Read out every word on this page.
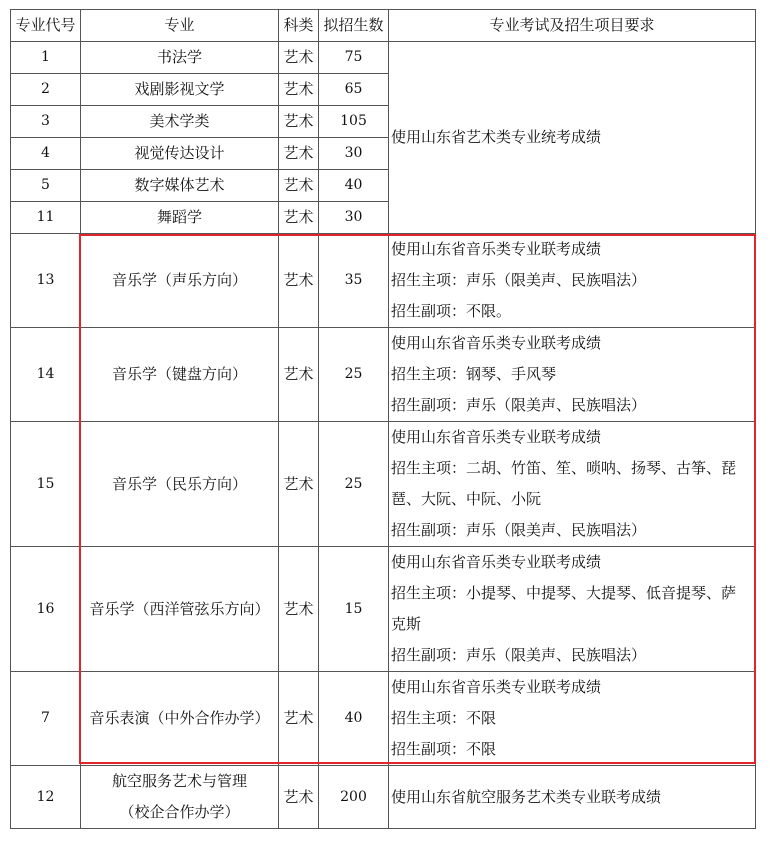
专业代号	专业	科类	拟招生数	专业考试及招生项目要求
1	书法学	艺术	75	使用山东省艺术类专业统考成绩
2	戏剧影视文学	艺术	65	
3	美术学类	艺术	105	
4	视觉传达设计	艺术	30	
5	数字媒体艺术	艺术	40	
11	舞蹈学	艺术	30	
13	音乐学（声乐方向）	艺术	35	使用山东省音乐类专业联考成绩
招生主项：声乐（限美声、民族唱法）
招生副项：不限。

14	音乐学（键盘方向）	艺术	25	使用山东省音乐类专业联考成绩
招生主项：钢琴、手风琴
招生副项：声乐（限美声、民族唱法）

15	音乐学（民乐方向）	艺术	25	使用山东省音乐类专业联考成绩
招生主项：二胡、竹笛、笙、唢呐、扬琴、古筝、琵
琶、大阮、中阮、小阮
招生副项：声乐（限美声、民族唱法）

16	音乐学（西洋管弦乐方向）	艺术	15	使用山东省音乐类专业联考成绩
招生主项：小提琴、中提琴、大提琴、低音提琴、萨
克斯
招生副项：声乐（限美声、民族唱法）

7	音乐表演（中外合作办学）	艺术	40	使用山东省音乐类专业联考成绩
招生主项：不限
招生副项：不限

12	航空服务艺术与管理
（校企合作办学）	艺术	200	使用山东省航空服务艺术类专业联考成绩
